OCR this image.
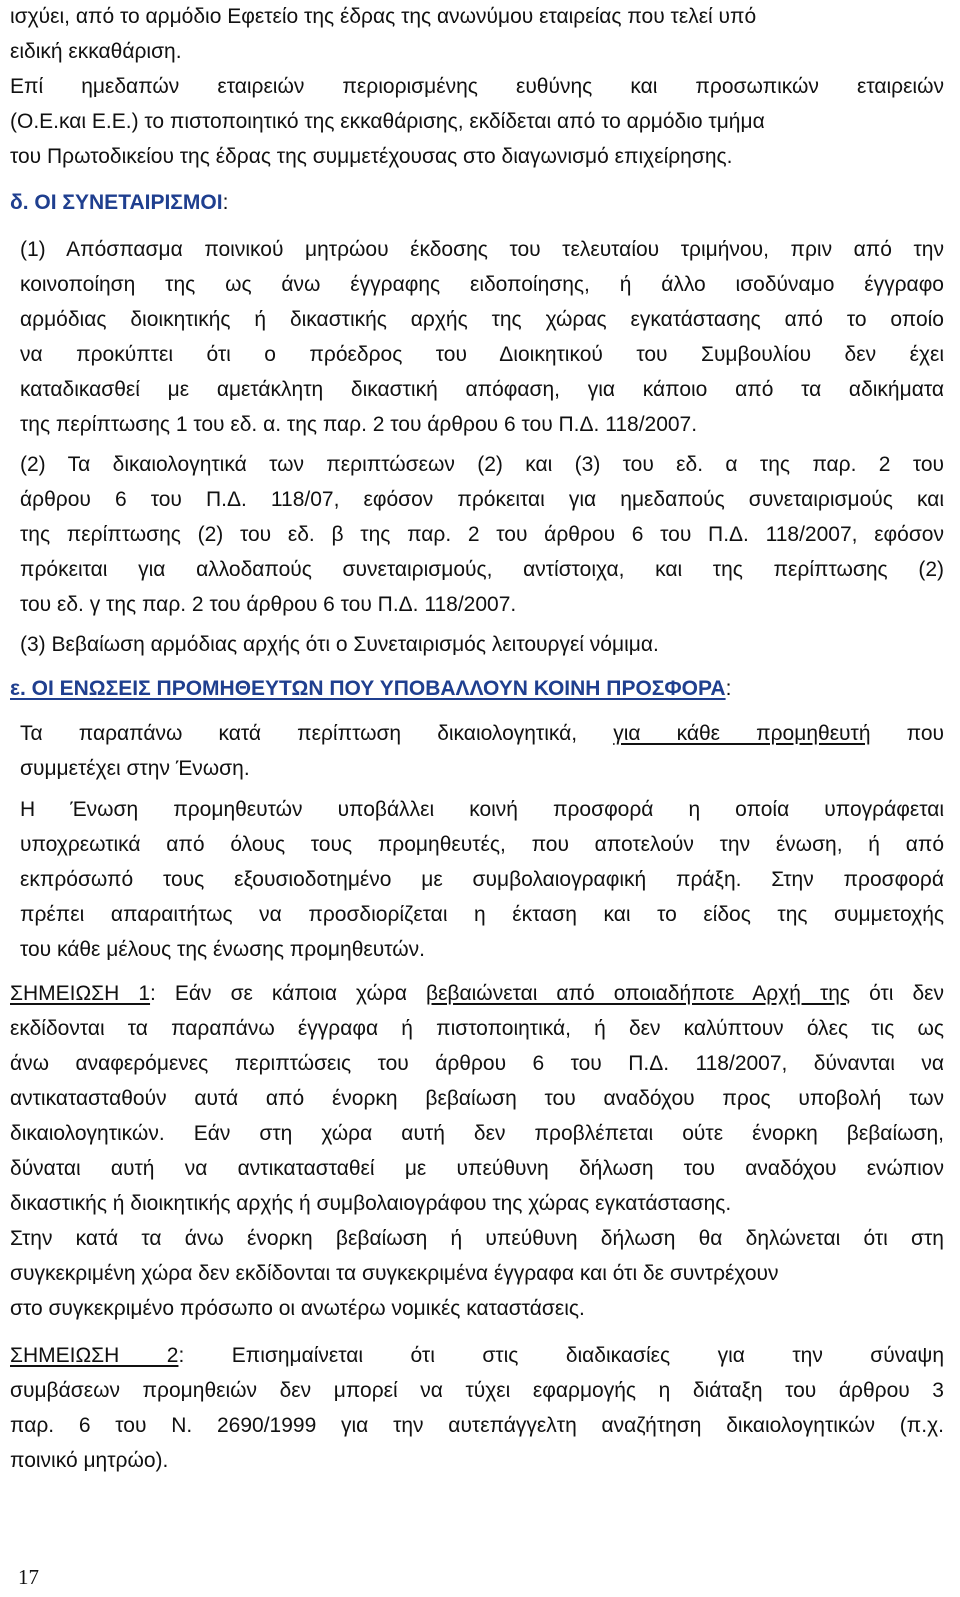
ισχύει, από το αρμόδιο Εφετείο της έδρας της ανωνύμου εταιρείας που τελεί υπό

ειδική εκκαθάριση.

Επί ημεδαπών εταιρειών περιορισμένης ευθύνης και προσωπικών εταιρειών

(Ο.Ε.και Ε.Ε.) το πιστοποιητικό της εκκαθάρισης, εκδίδεται από το αρμόδιο τμήμα

του Πρωτοδικείου της έδρας της συμμετέχουσας στο διαγωνισμό επιχείρησης.

δ. ΟΙ ΣΥΝΕΤΑΙΡΙΣΜΟΙ:

(1) Απόσπασμα ποινικού μητρώου έκδοσης του τελευταίου τριμήνου, πριν από την

κοινοποίηση της ως άνω έγγραφης ειδοποίησης, ή άλλο ισοδύναμο έγγραφο

αρμόδιας διοικητικής ή δικαστικής αρχής της χώρας εγκατάστασης από το οποίο

να προκύπτει ότι ο πρόεδρος του Διοικητικού του Συμβουλίου δεν έχει

καταδικασθεί με αμετάκλητη δικαστική απόφαση, για κάποιο από τα αδικήματα

της περίπτωσης 1 του εδ. α. της παρ. 2 του άρθρου 6 του Π.Δ. 118/2007.

(2) Τα δικαιολογητικά των περιπτώσεων (2) και (3) του εδ. α της παρ. 2 του

άρθρου 6 του Π.Δ. 118/07, εφόσον πρόκειται για ημεδαπούς συνεταιρισμούς και

της περίπτωσης (2) του εδ. β της παρ. 2 του άρθρου 6 του Π.Δ. 118/2007, εφόσον

πρόκειται για αλλοδαπούς συνεταιρισμούς, αντίστοιχα, και της περίπτωσης (2)

του εδ. γ της παρ. 2 του άρθρου 6 του Π.Δ. 118/2007.

(3) Βεβαίωση αρμόδιας αρχής ότι ο Συνεταιρισμός λειτουργεί νόμιμα.

ε. ΟΙ ΕΝΩΣΕΙΣ ΠΡΟΜΗΘΕΥΤΩΝ ΠΟΥ ΥΠΟΒΑΛΛΟΥΝ ΚΟΙΝΗ ΠΡΟΣΦΟΡΑ:

Τα παραπάνω κατά περίπτωση δικαιολογητικά, για κάθε προμηθευτή που

συμμετέχει στην Ένωση.

Η Ένωση προμηθευτών υποβάλλει κοινή προσφορά η οποία υπογράφεται

υποχρεωτικά από όλους τους προμηθευτές, που αποτελούν την ένωση, ή από

εκπρόσωπό τους εξουσιοδοτημένο με συμβολαιογραφική πράξη. Στην προσφορά

πρέπει απαραιτήτως να προσδιορίζεται η έκταση και το είδος της συμμετοχής

του κάθε μέλους της ένωσης προμηθευτών.

ΣΗΜΕΙΩΣΗ 1: Εάν σε κάποια χώρα βεβαιώνεται από οποιαδήποτε Αρχή της ότι δεν

εκδίδονται τα παραπάνω έγγραφα ή πιστοποιητικά, ή δεν καλύπτουν όλες τις ως

άνω αναφερόμενες περιπτώσεις του άρθρου 6 του Π.Δ. 118/2007, δύνανται να

αντικατασταθούν αυτά από ένορκη βεβαίωση του αναδόχου προς υποβολή των

δικαιολογητικών. Εάν στη χώρα αυτή δεν προβλέπεται ούτε ένορκη βεβαίωση,

δύναται αυτή να αντικατασταθεί με υπεύθυνη δήλωση του αναδόχου ενώπιον

δικαστικής ή διοικητικής αρχής ή συμβολαιογράφου της χώρας εγκατάστασης.

Στην κατά τα άνω ένορκη βεβαίωση ή υπεύθυνη δήλωση θα δηλώνεται ότι στη

συγκεκριμένη χώρα δεν εκδίδονται τα συγκεκριμένα έγγραφα και ότι δε συντρέχουν

στο συγκεκριμένο πρόσωπο οι ανωτέρω νομικές καταστάσεις.

ΣΗΜΕΙΩΣΗ 2: Επισημαίνεται ότι στις διαδικασίες για την σύναψη

συμβάσεων προμηθειών δεν μπορεί να τύχει εφαρμογής η διάταξη του άρθρου 3

παρ. 6 του Ν. 2690/1999 για την αυτεπάγγελτη αναζήτηση δικαιολογητικών (π.χ.

ποινικό μητρώο).

17
